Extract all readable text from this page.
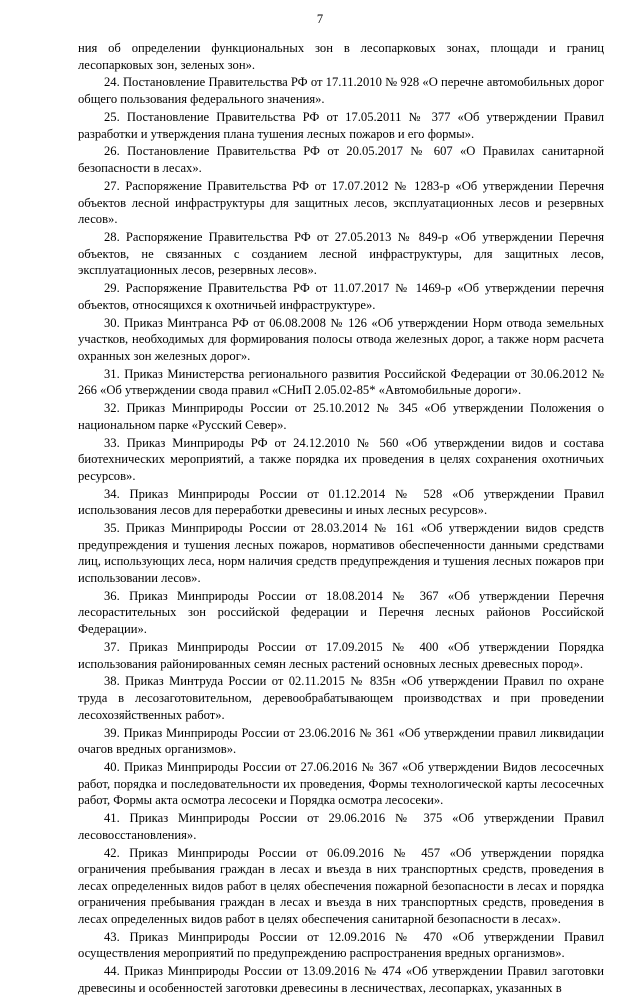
7

ния об определении функциональных зон в лесопарковых зонах, площади и границ лесопарковых зон, зеленых зон».

24. Постановление Правительства РФ от 17.11.2010 № 928 «О перечне автомобильных дорог общего пользования федерального значения».

25. Постановление Правительства РФ от 17.05.2011 № 377 «Об утверждении Правил разработки и утверждения плана тушения лесных пожаров и его формы».

26. Постановление Правительства РФ от 20.05.2017 № 607 «О Правилах санитарной безопасности в лесах».

27. Распоряжение Правительства РФ от 17.07.2012 № 1283-р «Об утверждении Перечня объектов лесной инфраструктуры для защитных лесов, эксплуатационных лесов и резервных лесов».

28. Распоряжение Правительства РФ от 27.05.2013 № 849-р «Об утверждении Перечня объектов, не связанных с созданием лесной инфраструктуры, для защитных лесов, эксплуатационных лесов, резервных лесов».

29. Распоряжение Правительства РФ от 11.07.2017 № 1469-р «Об утверждении перечня объектов, относящихся к охотничьей инфраструктуре».

30. Приказ Минтранса РФ от 06.08.2008 № 126 «Об утверждении Норм отвода земельных участков, необходимых для формирования полосы отвода железных дорог, а также норм расчета охранных зон железных дорог».

31. Приказ Министерства регионального развития Российской Федерации от 30.06.2012 № 266 «Об утверждении свода правил «СНиП 2.05.02-85* «Автомобильные дороги».

32. Приказ Минприроды России от 25.10.2012 № 345 «Об утверждении Положения о национальном парке «Русский Север».

33. Приказ Минприроды РФ от 24.12.2010 № 560 «Об утверждении видов и состава биотехнических мероприятий, а также порядка их проведения в целях сохранения охотничьих ресурсов».

34. Приказ Минприроды России от 01.12.2014 № 528 «Об утверждении Правил использования лесов для переработки древесины и иных лесных ресурсов».

35. Приказ Минприроды России от 28.03.2014 № 161 «Об утверждении видов средств предупреждения и тушения лесных пожаров, нормативов обеспеченности данными средствами лиц, использующих леса, норм наличия средств предупреждения и тушения лесных пожаров при использовании лесов».

36. Приказ Минприроды России от 18.08.2014 № 367 «Об утверждении Перечня лесорастительных зон российской федерации и Перечня лесных районов Российской Федерации».

37. Приказ Минприроды России от 17.09.2015 № 400 «Об утверждении Порядка использования районированных семян лесных растений основных лесных древесных пород».

38. Приказ Минтруда России от 02.11.2015 № 835н «Об утверждении Правил по охране труда в лесозаготовительном, деревообрабатывающем производствах и при проведении лесохозяйственных работ».

39. Приказ Минприроды России от 23.06.2016 № 361 «Об утверждении правил ликвидации очагов вредных организмов».

40. Приказ Минприроды России от 27.06.2016 № 367 «Об утверждении Видов лесосечных работ, порядка и последовательности их проведения, Формы технологической карты лесосечных работ, Формы акта осмотра лесосеки и Порядка осмотра лесосеки».

41. Приказ Минприроды России от 29.06.2016 № 375 «Об утверждении Правил лесовосстановления».

42. Приказ Минприроды России от 06.09.2016 № 457 «Об утверждении порядка ограничения пребывания граждан в лесах и въезда в них транспортных средств, проведения в лесах определенных видов работ в целях обеспечения пожарной безопасности в лесах и порядка ограничения пребывания граждан в лесах и въезда в них транспортных средств, проведения в лесах определенных видов работ в целях обеспечения санитарной безопасности в лесах».

43. Приказ Минприроды России от 12.09.2016 № 470 «Об утверждении Правил осуществления мероприятий по предупреждению распространения вредных организмов».

44. Приказ Минприроды России от 13.09.2016 № 474 «Об утверждении Правил заготовки древесины и особенностей заготовки древесины в лесничествах, лесопарках, указанных в
